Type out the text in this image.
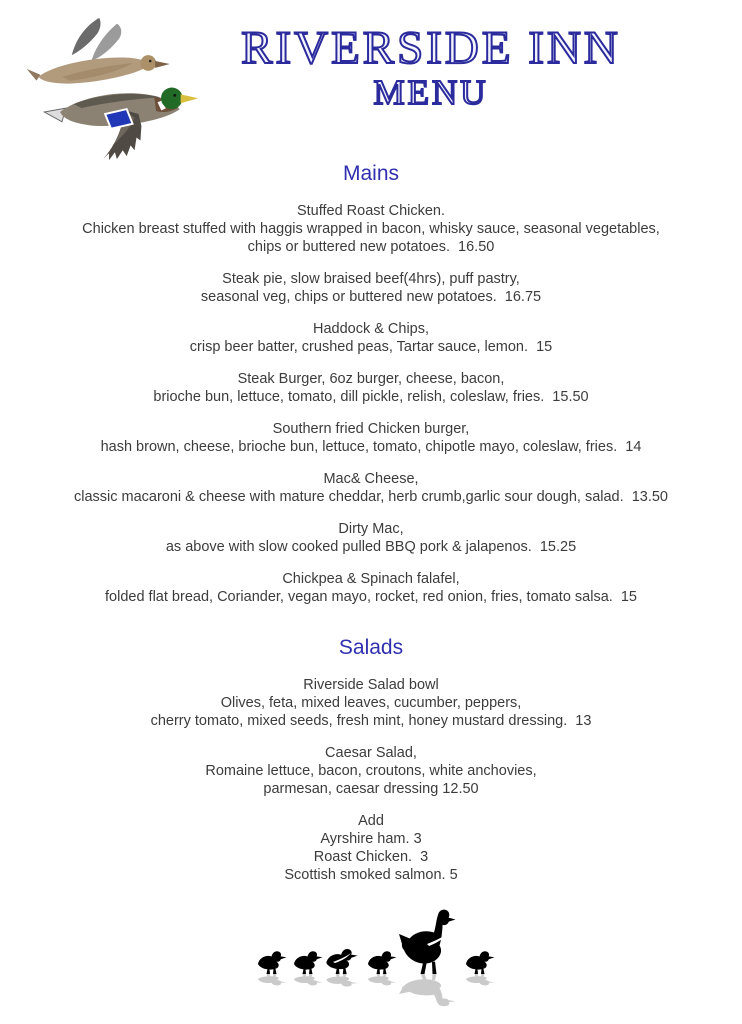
RIVERSIDE INN
MENU
Mains
Stuffed Roast Chicken.
Chicken breast stuffed with haggis wrapped in bacon, whisky sauce, seasonal vegetables,
chips or buttered new potatoes.  16.50
Steak pie, slow braised beef(4hrs), puff pastry,
seasonal veg, chips or buttered new potatoes.  16.75
Haddock & Chips,
crisp beer batter, crushed peas, Tartar sauce, lemon.  15
Steak Burger, 6oz burger, cheese, bacon,
brioche bun, lettuce, tomato, dill pickle, relish, coleslaw, fries.  15.50
Southern fried Chicken burger,
hash brown, cheese, brioche bun, lettuce, tomato, chipotle mayo, coleslaw, fries.  14
Mac& Cheese,
classic macaroni & cheese with mature cheddar, herb crumb,garlic sour dough, salad.  13.50
Dirty Mac,
as above with slow cooked pulled BBQ pork & jalapenos.  15.25
Chickpea & Spinach falafel,
folded flat bread, Coriander, vegan mayo, rocket, red onion, fries, tomato salsa.  15
Salads
Riverside Salad bowl
Olives, feta, mixed leaves, cucumber, peppers,
cherry tomato, mixed seeds, fresh mint, honey mustard dressing.  13
Caesar Salad,
Romaine lettuce, bacon, croutons, white anchovies,
parmesan, caesar dressing 12.50
Add
Ayrshire ham. 3
Roast Chicken.  3
Scottish smoked salmon. 5
